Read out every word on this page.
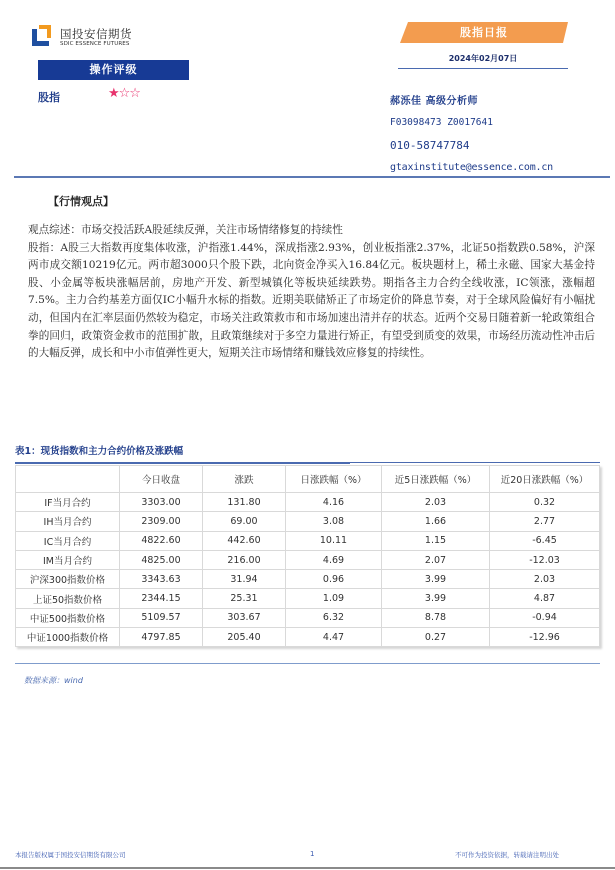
国投安信期货
SDIC ESSENCE FUTURES
操作评级
股指	★☆☆
股指日报
2024年02月07日
郝泺佳 高级分析师
F03098473 Z0017641
010-58747784
gtaxinstitute@essence.com.cn
【行情观点】

观点综述：市场交投活跃A股延续反弹，关注市场情绪修复的持续性

股指：A股三大指数再度集体收涨，沪指涨1.44%，深成指涨2.93%，创业板指涨2.37%，北证50指数跌0.58%，沪深两市成交额10219亿元。两市超3000只个股下跌，北向资金净买入16.84亿元。板块题材上，稀土永磁、国家大基金持股、小金属等板块涨幅居前，房地产开发、新型城镇化等板块延续跌势。期指各主力合约全线收涨，IC领涨，涨幅超7.5%。主力合约基差方面仅IC小幅升水标的指数。近期美联储矫正了市场定价的降息节奏，对于全球风险偏好有小幅扰动，但国内在汇率层面仍然较为稳定，市场关注政策救市和市场加速出清并存的状态。近两个交易日随着新一轮政策组合拳的回归，政策资金救市的范围扩散，且政策继续对于多空力量进行矫正，有望受到质变的效果，市场经历流动性冲击后的大幅反弹，成长和中小市值弹性更大，短期关注市场情绪和赚钱效应修复的持续性。

表1：现货指数和主力合约价格及涨跌幅
	今日收盘	涨跌	日涨跌幅（%）	近5日涨跌幅（%）	近20日涨跌幅（%）
IF当月合约	3303.00	131.80	4.16	2.03	0.32
IH当月合约	2309.00	69.00	3.08	1.66	2.77
IC当月合约	4822.60	442.60	10.11	1.15	-6.45
IM当月合约	4825.00	216.00	4.69	2.07	-12.03
沪深300指数价格	3343.63	31.94	0.96	3.99	2.03
上证50指数价格	2344.15	25.31	1.09	3.99	4.87
中证500指数价格	5109.57	303.67	6.32	8.78	-0.94
中证1000指数价格	4797.85	205.40	4.47	0.27	-12.96
数据来源：wind
本报告版权属于国投安信期货有限公司	1	不可作为投资依据，转载请注明出处
